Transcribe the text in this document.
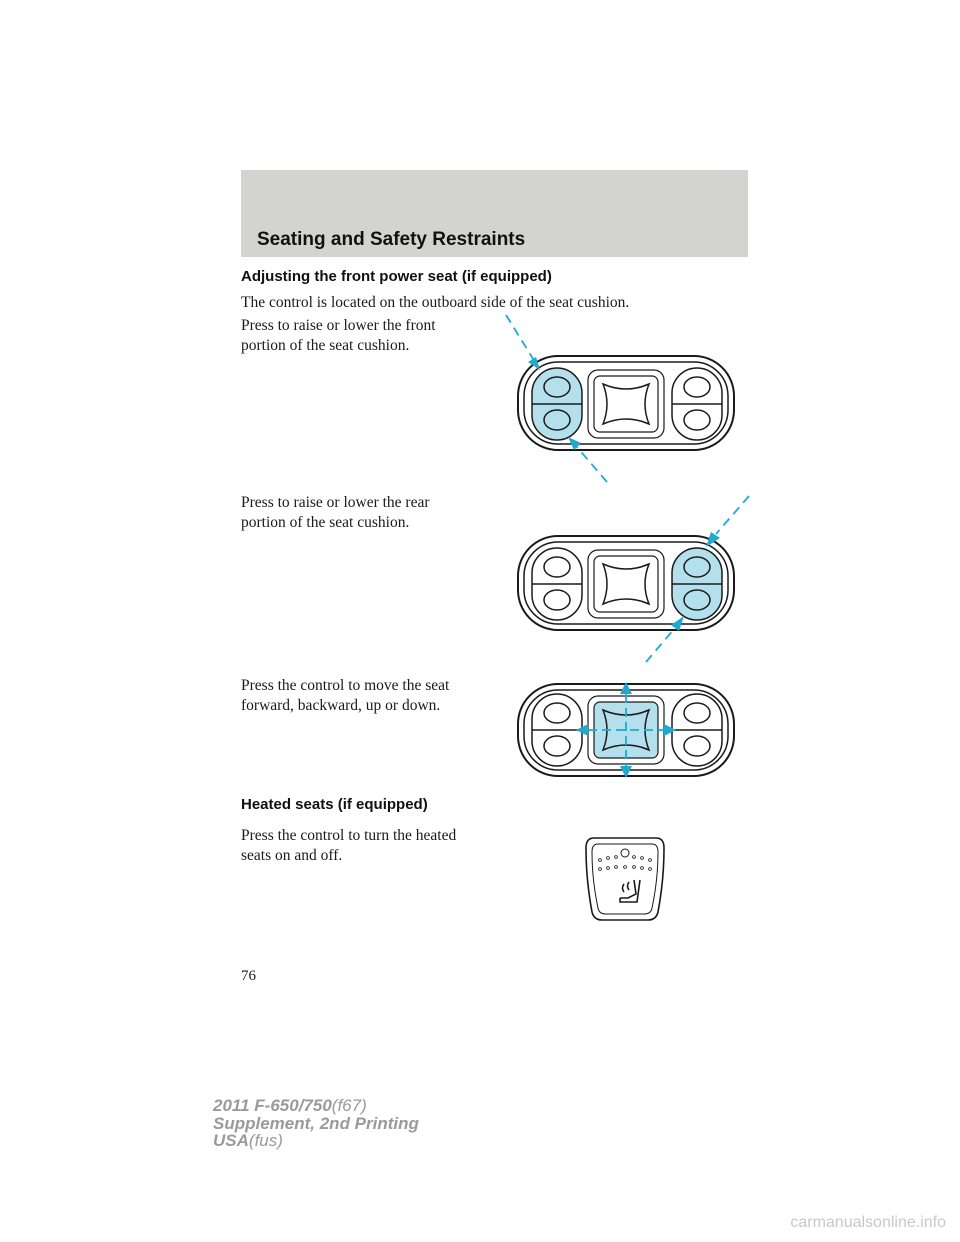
Seating and Safety Restraints
Adjusting the front power seat (if equipped)
The control is located on the outboard side of the seat cushion.
Press to raise or lower the front
portion of the seat cushion.
Press to raise or lower the rear
portion of the seat cushion.
Press the control to move the seat
forward, backward, up or down.
Heated seats (if equipped)
Press the control to turn the heated
seats on and off.
76
2011 F-650/750(f67)
Supplement, 2nd Printing
USA(fus)
carmanualsonline.info
